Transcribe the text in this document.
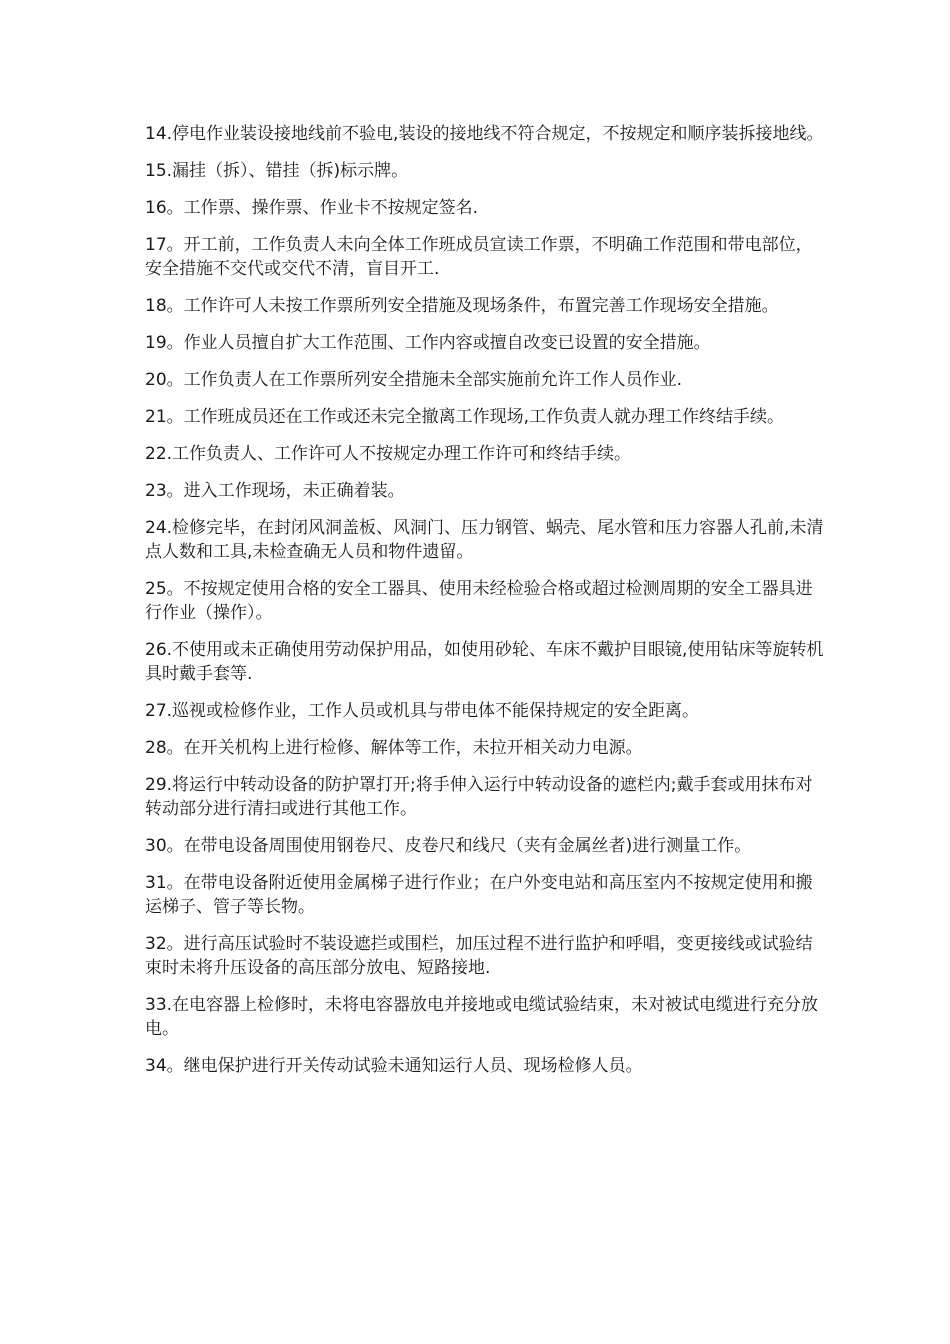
14.停电作业装设接地线前不验电,装设的接地线不符合规定，不按规定和顺序装拆接地线。

15.漏挂（拆）、错挂（拆)标示牌。

16。工作票、操作票、作业卡不按规定签名.

17。开工前，工作负责人未向全体工作班成员宣读工作票，不明确工作范围和带电部位，安全措施不交代或交代不清，盲目开工.

18。工作许可人未按工作票所列安全措施及现场条件，布置完善工作现场安全措施。

19。作业人员擅自扩大工作范围、工作内容或擅自改变已设置的安全措施。

20。工作负责人在工作票所列安全措施未全部实施前允许工作人员作业.

21。工作班成员还在工作或还未完全撤离工作现场,工作负责人就办理工作终结手续。

22.工作负责人、工作许可人不按规定办理工作许可和终结手续。

23。进入工作现场，未正确着装。

24.检修完毕，在封闭风洞盖板、风洞门、压力钢管、蜗壳、尾水管和压力容器人孔前,未清点人数和工具,未检查确无人员和物件遗留。

25。不按规定使用合格的安全工器具、使用未经检验合格或超过检测周期的安全工器具进行作业（操作）。

26.不使用或未正确使用劳动保护用品，如使用砂轮、车床不戴护目眼镜,使用钻床等旋转机具时戴手套等.

27.巡视或检修作业，工作人员或机具与带电体不能保持规定的安全距离。

28。在开关机构上进行检修、解体等工作，未拉开相关动力电源。

29.将运行中转动设备的防护罩打开;将手伸入运行中转动设备的遮栏内;戴手套或用抹布对转动部分进行清扫或进行其他工作。

30。在带电设备周围使用钢卷尺、皮卷尺和线尺（夹有金属丝者)进行测量工作。

31。在带电设备附近使用金属梯子进行作业；在户外变电站和高压室内不按规定使用和搬运梯子、管子等长物。

32。进行高压试验时不装设遮拦或围栏，加压过程不进行监护和呼唱，变更接线或试验结束时未将升压设备的高压部分放电、短路接地.

33.在电容器上检修时，未将电容器放电并接地或电缆试验结束，未对被试电缆进行充分放电。

34。继电保护进行开关传动试验未通知运行人员、现场检修人员。
